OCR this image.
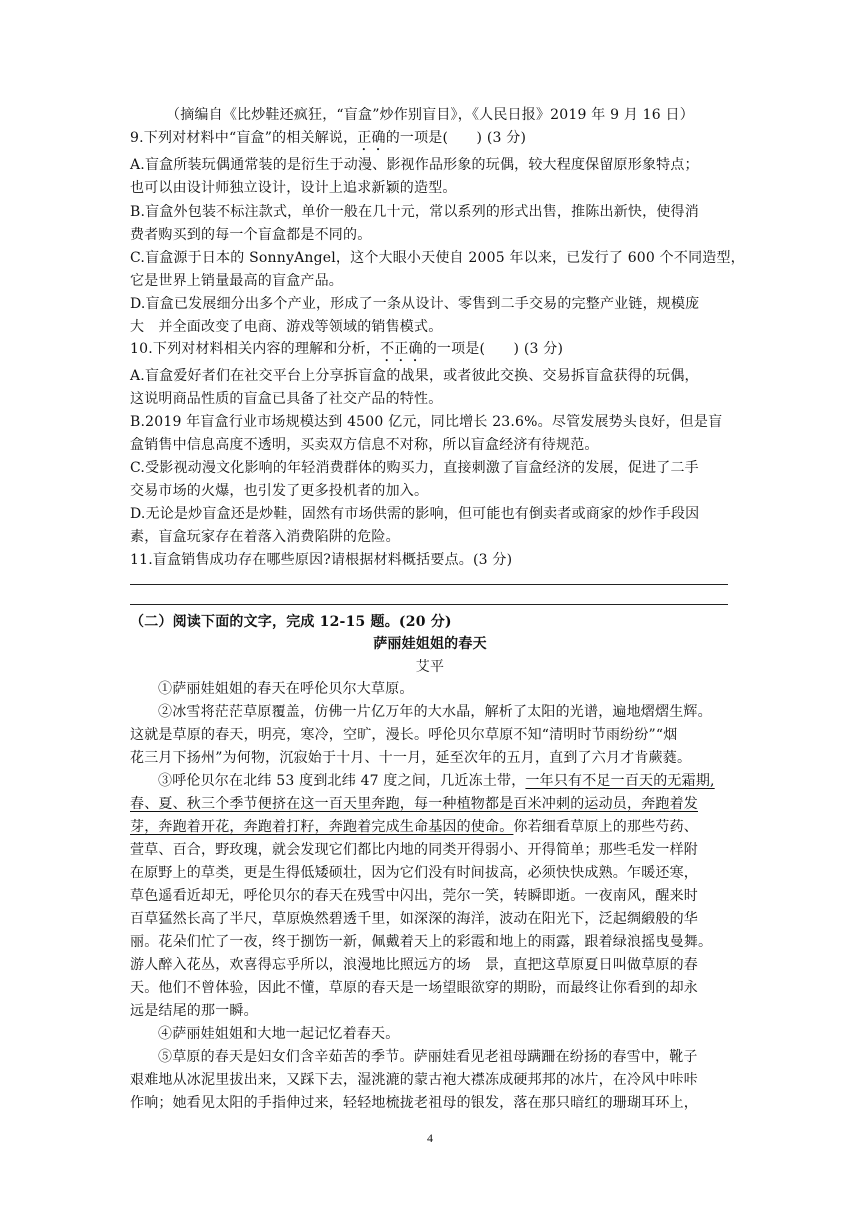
（摘编自《比炒鞋还疯狂，“盲盒”炒作别盲目》，《人民日报》2019 年 9 月 16 日）
9.下列对材料中“盲盒”的相关解说，正确的一项是(　　) (3 分)
A.盲盒所装玩偶通常装的是衍生于动漫、影视作品形象的玩偶，较大程度保留原形象特点；
也可以由设计师独立设计，设计上追求新颖的造型。
B.盲盒外包装不标注款式，单价一般在几十元，常以系列的形式出售，推陈出新快，使得消
费者购买到的每一个盲盒都是不同的。
C.盲盒源于日本的 SonnyAngel，这个大眼小天使自 2005 年以来，已发行了 600 个不同造型，
它是世界上销量最高的盲盒产品。
D.盲盒已发展细分出多个产业，形成了一条从设计、零售到二手交易的完整产业链，规模庞
大　并全面改变了电商、游戏等领域的销售模式。
10.下列对材料相关内容的理解和分析，不正确的一项是(　　) (3 分)
A.盲盒爱好者们在社交平台上分享拆盲盒的战果，或者彼此交换、交易拆盲盒获得的玩偶，
这说明商品性质的盲盒已具备了社交产品的特性。
B.2019 年盲盒行业市场规模达到 4500 亿元，同比增长 23.6%。尽管发展势头良好，但是盲
盒销售中信息高度不透明，买卖双方信息不对称，所以盲盒经济有待规范。
C.受影视动漫文化影响的年轻消费群体的购买力，直接刺激了盲盒经济的发展，促进了二手
交易市场的火爆，也引发了更多投机者的加入。
D.无论是炒盲盒还是炒鞋，固然有市场供需的影响，但可能也有倒卖者或商家的炒作手段因
素，盲盒玩家存在着落入消费陷阱的危险。
11.盲盒销售成功存在哪些原因?请根据材料概括要点。(3 分)
（二）阅读下面的文字，完成 12-15 题。(20 分)
萨丽娃姐姐的春天
艾平
①萨丽娃姐姐的春天在呼伦贝尔大草原。
②冰雪将茫茫草原覆盖，仿佛一片亿万年的大水晶，解析了太阳的光谱，遍地熠熠生辉。
这就是草原的春天，明亮，寒冷，空旷，漫长。呼伦贝尔草原不知“清明时节雨纷纷”“烟
花三月下扬州”为何物，沉寂始于十月、十一月，延至次年的五月，直到了六月才肯蕨蕤。
③呼伦贝尔在北纬 53 度到北纬 47 度之间，几近冻土带，一年只有不足一百天的无霜期,
春、夏、秋三个季节便挤在这一百天里奔跑，每一种植物都是百米冲刺的运动员，奔跑着发
芽，奔跑着开花，奔跑着打籽，奔跑着完成生命基因的使命。你若细看草原上的那些芍药、
萱草、百合，野玫瑰，就会发现它们都比内地的同类开得弱小、开得简单；那些毛发一样附
在原野上的草类，更是生得低矮硕壮，因为它们没有时间拔高，必须快快成熟。乍暖还寒，
草色遥看近却无，呼伦贝尔的春天在残雪中闪出，莞尔一笑，转瞬即逝。一夜南风，醒来时
百草猛然长高了半尺，草原焕然碧透千里，如深深的海洋，波动在阳光下，泛起绸緞般的华
丽。花朵们忙了一夜，终于捌饬一新，佩戴着天上的彩霞和地上的雨露，跟着绿浪摇曳曼舞。
游人醉入花丛，欢喜得忘乎所以，浪漫地比照远方的场　景，直把这草原夏日叫做草原的春
天。他们不曾体验，因此不懂，草原的春天是一场望眼欲穿的期盼，而最终让你看到的却永
远是结尾的那一瞬。
④萨丽娃姐姐和大地一起记忆着春天。
⑤草原的春天是妇女们含辛茹苦的季节。萨丽娃看见老祖母蹒跚在纷扬的春雪中，靴子
艰难地从冰泥里拔出来，又踩下去，湿洮漉的蒙古袍大襟冻成硬邦邦的冰片，在冷风中咔咔
作响；她看见太阳的手指伸过来，轻轻地梳拢老祖母的银发，落在那只暗红的珊瑚耳环上，
4
